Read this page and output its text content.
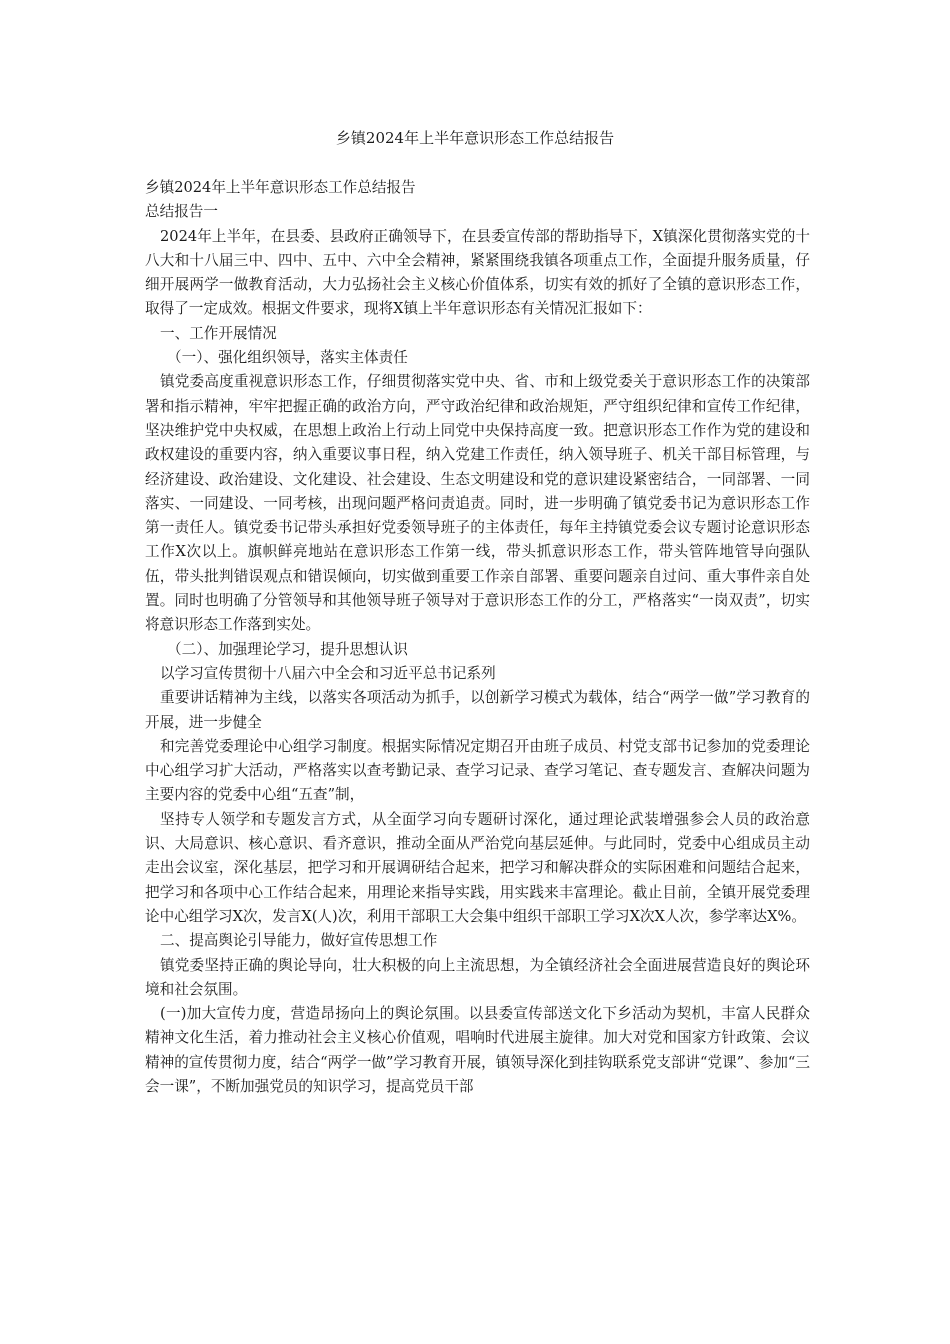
乡镇2024年上半年意识形态工作总结报告

乡镇2024年上半年意识形态工作总结报告

总结报告一

2024年上半年，在县委、县政府正确领导下，在县委宣传部的帮助指导下，X镇深化贯彻落实党的十八大和十八届三中、四中、五中、六中全会精神，紧紧围绕我镇各项重点工作，全面提升服务质量，仔细开展两学一做教育活动，大力弘扬社会主义核心价值体系，切实有效的抓好了全镇的意识形态工作，取得了一定成效。根据文件要求，现将X镇上半年意识形态有关情况汇报如下：

一、工作开展情况

（一）、强化组织领导，落实主体责任

镇党委高度重视意识形态工作，仔细贯彻落实党中央、省、市和上级党委关于意识形态工作的决策部署和指示精神，牢牢把握正确的政治方向，严守政治纪律和政治规矩，严守组织纪律和宣传工作纪律，坚决维护党中央权威，在思想上政治上行动上同党中央保持高度一致。把意识形态工作作为党的建设和政权建设的重要内容，纳入重要议事日程，纳入党建工作责任，纳入领导班子、机关干部目标管理，与经济建设、政治建设、文化建设、社会建设、生态文明建设和党的意识建设紧密结合，一同部署、一同落实、一同建设、一同考核，出现问题严格问责追责。同时，进一步明确了镇党委书记为意识形态工作第一责任人。镇党委书记带头承担好党委领导班子的主体责任，每年主持镇党委会议专题讨论意识形态工作X次以上。旗帜鲜亮地站在意识形态工作第一线，带头抓意识形态工作，带头管阵地管导向强队伍，带头批判错误观点和错误倾向，切实做到重要工作亲自部署、重要问题亲自过问、重大事件亲自处置。同时也明确了分管领导和其他领导班子领导对于意识形态工作的分工，严格落实“一岗双责”，切实将意识形态工作落到实处。

（二）、加强理论学习，提升思想认识

以学习宣传贯彻十八届六中全会和习近平总书记系列

重要讲话精神为主线，以落实各项活动为抓手，以创新学习模式为载体，结合“两学一做”学习教育的开展，进一步健全

和完善党委理论中心组学习制度。根据实际情况定期召开由班子成员、村党支部书记参加的党委理论中心组学习扩大活动，严格落实以查考勤记录、查学习记录、查学习笔记、查专题发言、查解决问题为主要内容的党委中心组“五查”制，

坚持专人领学和专题发言方式，从全面学习向专题研讨深化，通过理论武装增强参会人员的政治意识、大局意识、核心意识、看齐意识，推动全面从严治党向基层延伸。与此同时，党委中心组成员主动走出会议室，深化基层，把学习和开展调研结合起来，把学习和解决群众的实际困难和问题结合起来，把学习和各项中心工作结合起来，用理论来指导实践，用实践来丰富理论。截止目前，全镇开展党委理论中心组学习X次，发言X(人)次，利用干部职工大会集中组织干部职工学习X次X人次，参学率达X%。

二、提高舆论引导能力，做好宣传思想工作

镇党委坚持正确的舆论导向，壮大积极的向上主流思想，为全镇经济社会全面进展营造良好的舆论环境和社会氛围。

(一)加大宣传力度，营造昂扬向上的舆论氛围。以县委宣传部送文化下乡活动为契机，丰富人民群众精神文化生活，着力推动社会主义核心价值观，唱响时代进展主旋律。加大对党和国家方针政策、会议精神的宣传贯彻力度，结合“两学一做”学习教育开展，镇领导深化到挂钩联系党支部讲“党课”、参加“三会一课”，不断加强党员的知识学习，提高党员干部
